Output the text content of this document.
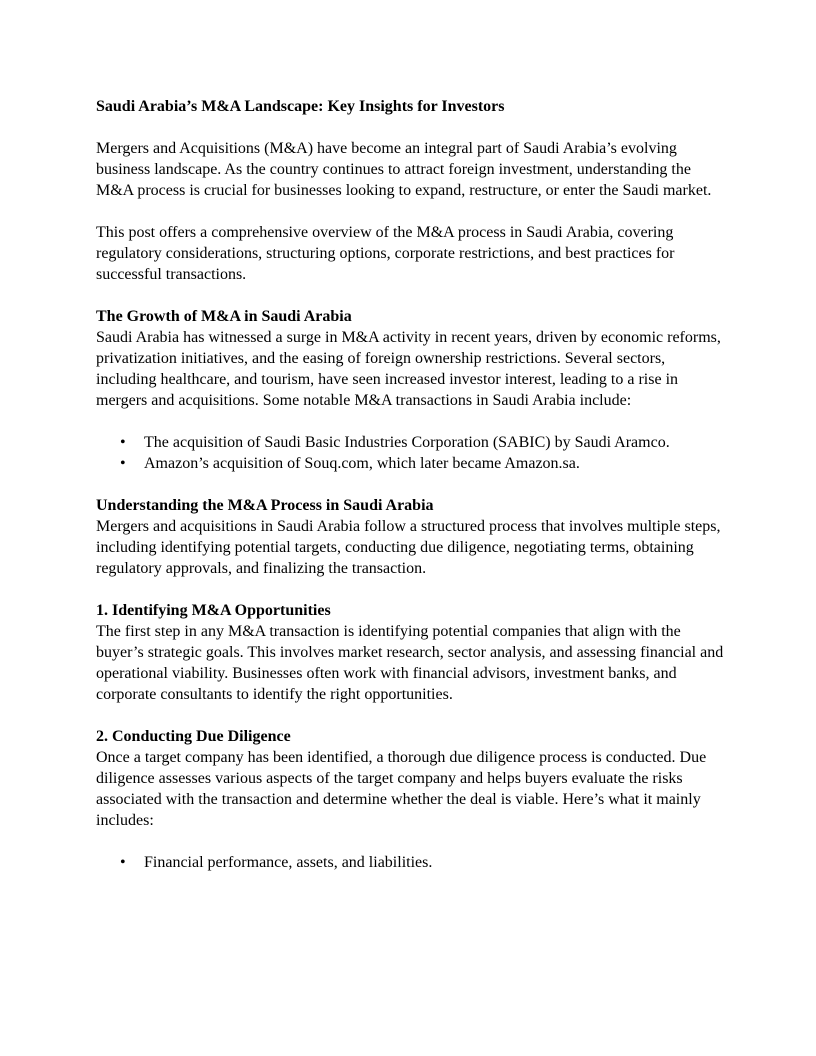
Saudi Arabia’s M&A Landscape: Key Insights for Investors

Mergers and Acquisitions (M&A) have become an integral part of Saudi Arabia’s evolving business landscape. As the country continues to attract foreign investment, understanding the M&A process is crucial for businesses looking to expand, restructure, or enter the Saudi market.

This post offers a comprehensive overview of the M&A process in Saudi Arabia, covering regulatory considerations, structuring options, corporate restrictions, and best practices for successful transactions.

The Growth of M&A in Saudi Arabia

Saudi Arabia has witnessed a surge in M&A activity in recent years, driven by economic reforms, privatization initiatives, and the easing of foreign ownership restrictions. Several sectors, including healthcare, and tourism, have seen increased investor interest, leading to a rise in mergers and acquisitions. Some notable M&A transactions in Saudi Arabia include:

•	The acquisition of Saudi Basic Industries Corporation (SABIC) by Saudi Aramco.
•	Amazon’s acquisition of Souq.com, which later became Amazon.sa.

Understanding the M&A Process in Saudi Arabia

Mergers and acquisitions in Saudi Arabia follow a structured process that involves multiple steps, including identifying potential targets, conducting due diligence, negotiating terms, obtaining regulatory approvals, and finalizing the transaction.

1. Identifying M&A Opportunities

The first step in any M&A transaction is identifying potential companies that align with the buyer’s strategic goals. This involves market research, sector analysis, and assessing financial and operational viability. Businesses often work with financial advisors, investment banks, and corporate consultants to identify the right opportunities.

2. Conducting Due Diligence

Once a target company has been identified, a thorough due diligence process is conducted. Due diligence assesses various aspects of the target company and helps buyers evaluate the risks associated with the transaction and determine whether the deal is viable. Here’s what it mainly includes:

•	Financial performance, assets, and liabilities.
